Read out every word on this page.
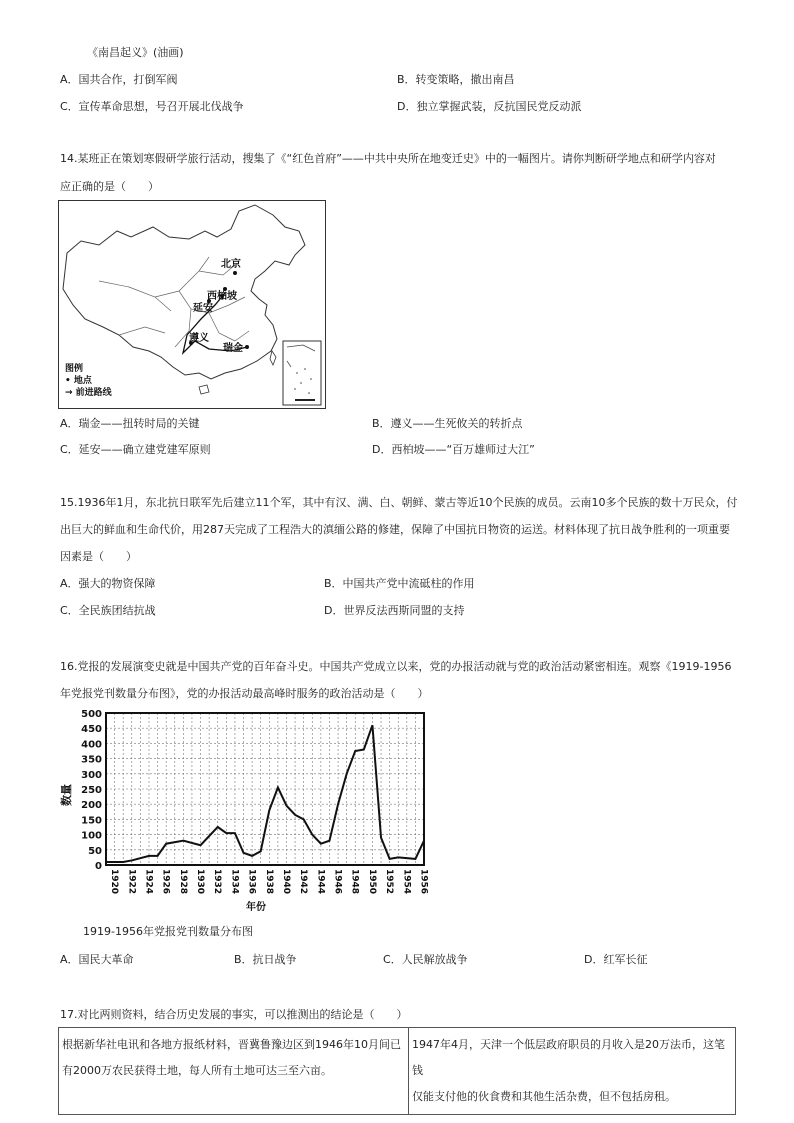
《南昌起义》(油画)
A．国共合作，打倒军阀	B．转变策略，撤出南昌
C．宣传革命思想，号召开展北伐战争	D．独立掌握武装，反抗国民党反动派
14.某班正在策划寒假研学旅行活动，搜集了《“红色首府”——中共中央所在地变迁史》中的一幅图片。请你判断研学地点和研学内容对
应正确的是（　　）
北京
西柏坡
延安
遵义
瑞金
图例
• 地点
→ 前进路线
A．瑞金——扭转时局的关键	B．遵义——生死攸关的转折点
C．延安——确立建党建军原则	D．西柏坡——“百万雄师过大江”
15.1936年1月，东北抗日联军先后建立11个军，其中有汉、满、白、朝鲜、蒙古等近10个民族的成员。云南10多个民族的数十万民众，付
出巨大的鲜血和生命代价，用287天完成了工程浩大的滇缅公路的修建，保障了中国抗日物资的运送。材料体现了抗日战争胜利的一项重要
因素是（　　）
A．强大的物资保障	B．中国共产党中流砥柱的作用
C．全民族团结抗战	D．世界反法西斯同盟的支持
16.党报的发展演变史就是中国共产党的百年奋斗史。中国共产党成立以来，党的办报活动就与党的政治活动紧密相连。观察《1919-1956
年党报党刊数量分布图》，党的办报活动最高峰时服务的政治活动是（　　）
0
50
100
150
200
250
300
350
400
450
500
1920 1922 1924 1926 1928 1930 1932 1934 1936 1938 1940 1942 1944 1946 1948 1950 1952 1954 1956
数量
年份
1919-1956年党报党刊数量分布图
A．国民大革命	B．抗日战争	C．人民解放战争	D．红军长征
17.对比两则资料，结合历史发展的事实，可以推测出的结论是（　　）
根据新华社电讯和各地方报纸材料，晋冀鲁豫边区到1946年10月间已
有2000万农民获得土地，每人所有土地可达三至六亩。

1947年4月，天津一个低层政府职员的月收入是20万法币，这笔钱
仅能支付他的伙食费和其他生活杂费，但不包括房租。
